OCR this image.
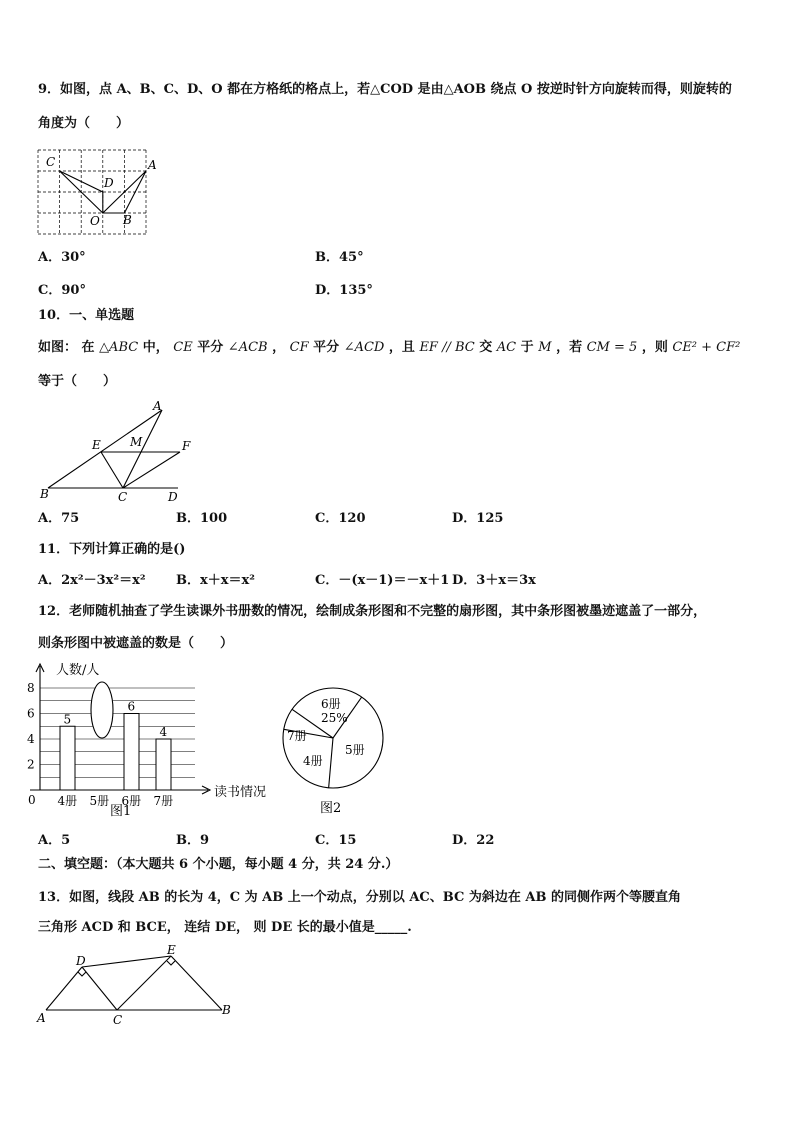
9．如图，点 A、B、C、D、O 都在方格纸的格点上，若△COD 是由△AOB 绕点 O 按逆时针方向旋转而得，则旋转的
角度为（　　）
C	A
D
O B
A．30°	B．45°
C．90°	D．135°
10．一、单选题
如图： 在 △ABC 中， CE 平分 ∠ACB ， CF 平分 ∠ACD ，且 EF // BC 交 AC 于 M ，若 CM = 5 ，则 CE² + CF²
等于（　　）
A
E M	F
B	C	D
A．75	B．100	C．120	D．125
11．下列计算正确的是()
A．2x²－3x²＝x² B．x＋x＝x²	C．－(x－1)＝－x＋1 D．3＋x＝3x
12．老师随机抽查了学生读课外书册数的情况，绘制成条形图和不完整的扇形图，其中条形图被墨迹遮盖了一部分，
则条形图中被遮盖的数是（　　）
0
2
4
6
8
5
6
4
4册 5册 6册 7册
人数/人
读书情况
图1
6册
25%
5册
4册
7册
图2
A．5	B．9	C．15	D．22
二、填空题：（本大题共 6 个小题，每小题 4 分，共 24 分.）
13．如图，线段 AB 的长为 4，C 为 AB 上一个动点，分别以 AC、BC 为斜边在 AB 的同侧作两个等腰直角
三角形 ACD 和 BCE， 连结 DE， 则 DE 长的最小值是_____.
D
E
A	C
B
